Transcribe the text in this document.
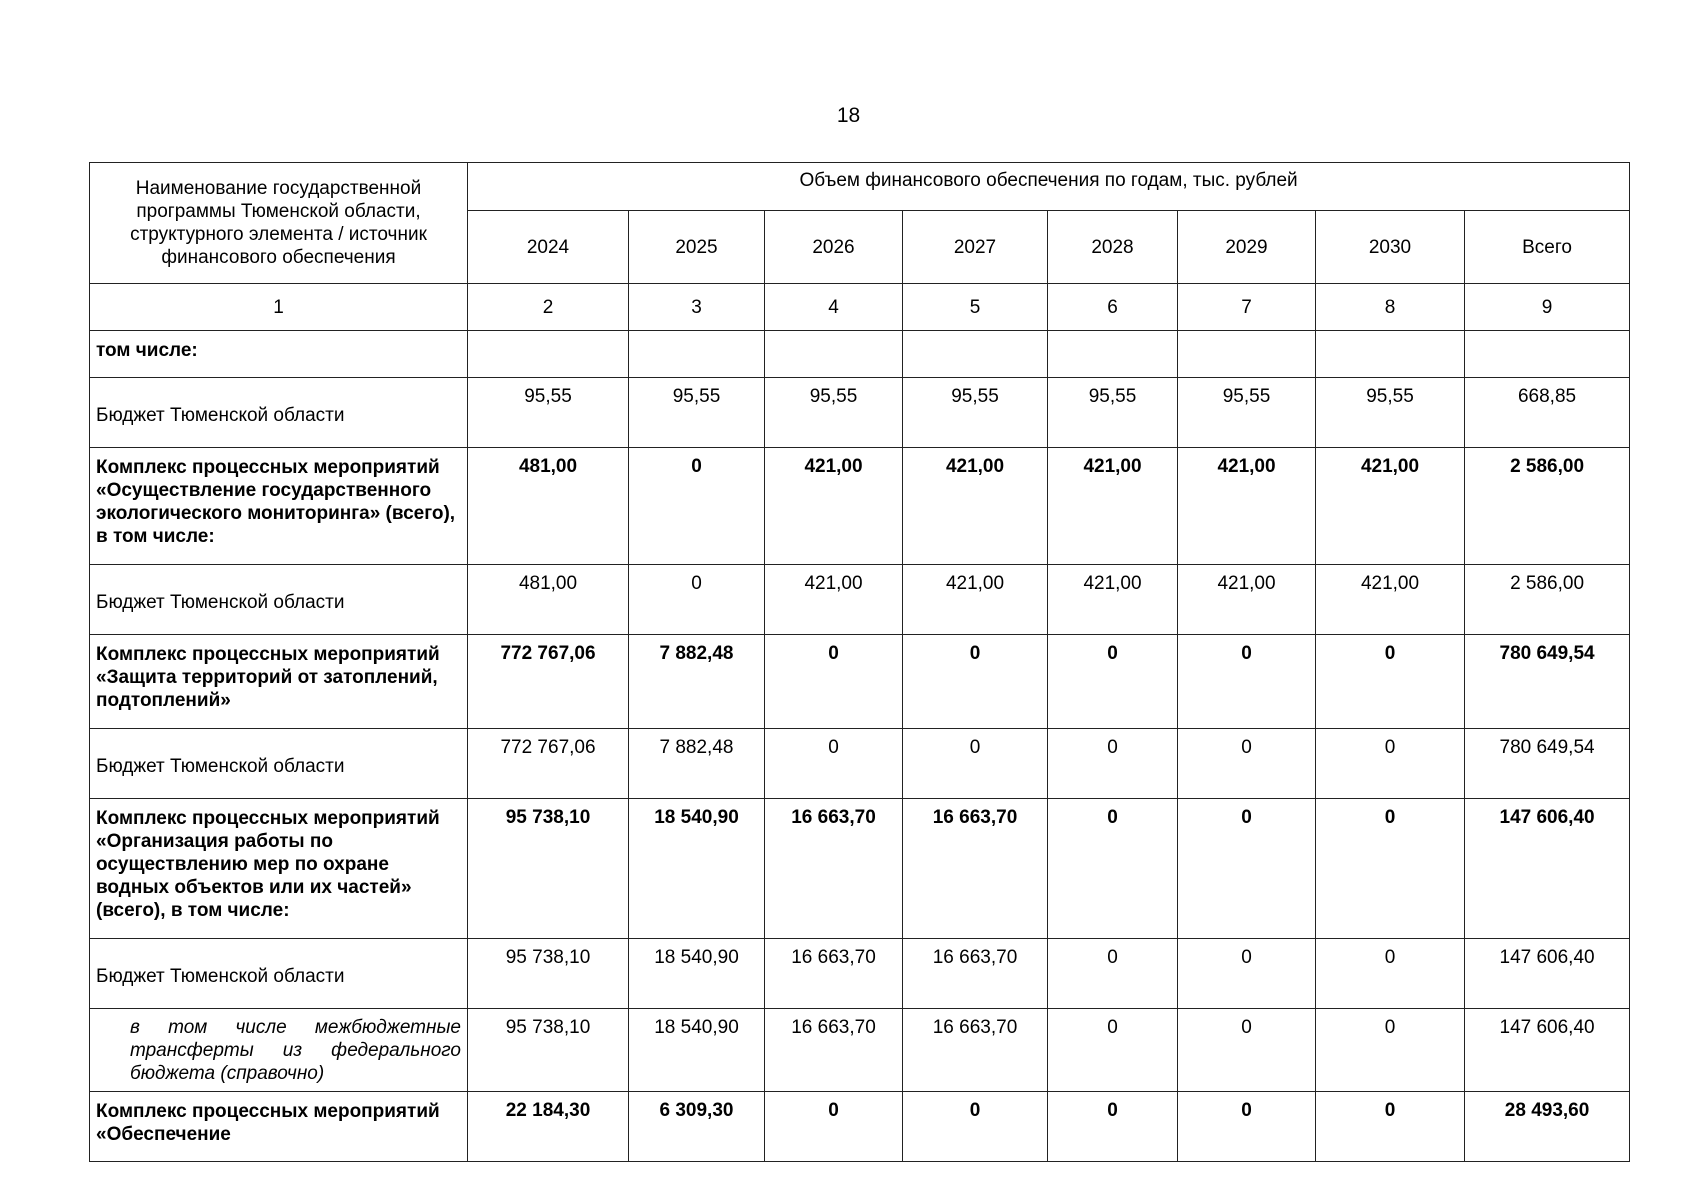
18
Наименование государственной программы Тюменской области, структурного элемента / источник финансового обеспечения	Объем финансового обеспечения по годам, тыс. рублей							
	2024	2025	2026	2027	2028	2029	2030	Всего
1	2	3	4	5	6	7	8	9
том числе:								
Бюджет Тюменской области	95,55	95,55	95,55	95,55	95,55	95,55	95,55	668,85
Комплекс процессных мероприятий «Осуществление государственного экологического мониторинга» (всего), в том числе:	481,00	0	421,00	421,00	421,00	421,00	421,00	2 586,00
Бюджет Тюменской области	481,00	0	421,00	421,00	421,00	421,00	421,00	2 586,00
Комплекс процессных мероприятий «Защита территорий от затоплений, подтоплений»	772 767,06	7 882,48	0	0	0	0	0	780 649,54
Бюджет Тюменской области	772 767,06	7 882,48	0	0	0	0	0	780 649,54
Комплекс процессных мероприятий «Организация работы по осуществлению мер по охране водных объектов или их частей» (всего), в том числе:	95 738,10	18 540,90	16 663,70	16 663,70	0	0	0	147 606,40
Бюджет Тюменской области	95 738,10	18 540,90	16 663,70	16 663,70	0	0	0	147 606,40
в том числе межбюджетные трансферты из федерального бюджета (справочно)	95 738,10	18 540,90	16 663,70	16 663,70	0	0	0	147 606,40
Комплекс процессных мероприятий «Обеспечение	22 184,30	6 309,30	0	0	0	0	0	28 493,60
